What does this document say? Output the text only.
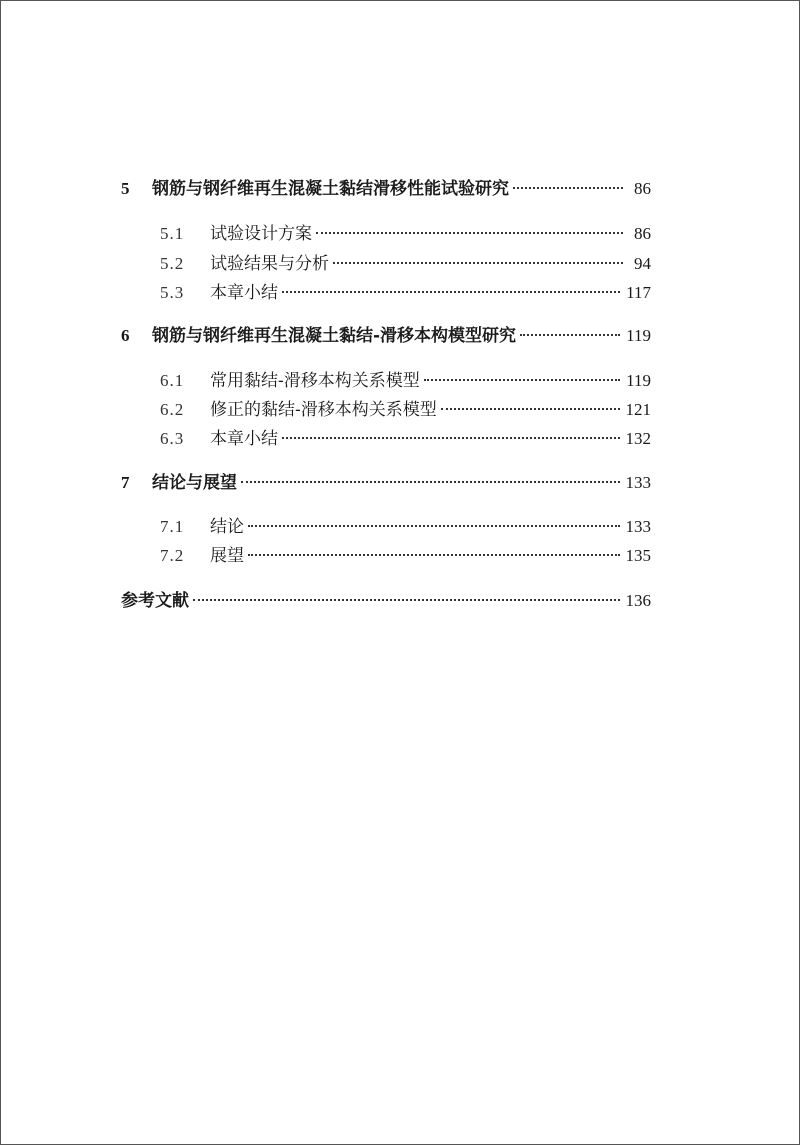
5	钢筋与钢纤维再生混凝土黏结滑移性能试验研究	86
5.1	试验设计方案	86
5.2	试验结果与分析	94
5.3	本章小结	117
6	钢筋与钢纤维再生混凝土黏结-滑移本构模型研究	119
6.1	常用黏结-滑移本构关系模型	119
6.2	修正的黏结-滑移本构关系模型	121
6.3	本章小结	132
7	结论与展望	133
7.1	结论	133
7.2	展望	135
参考文献	136
